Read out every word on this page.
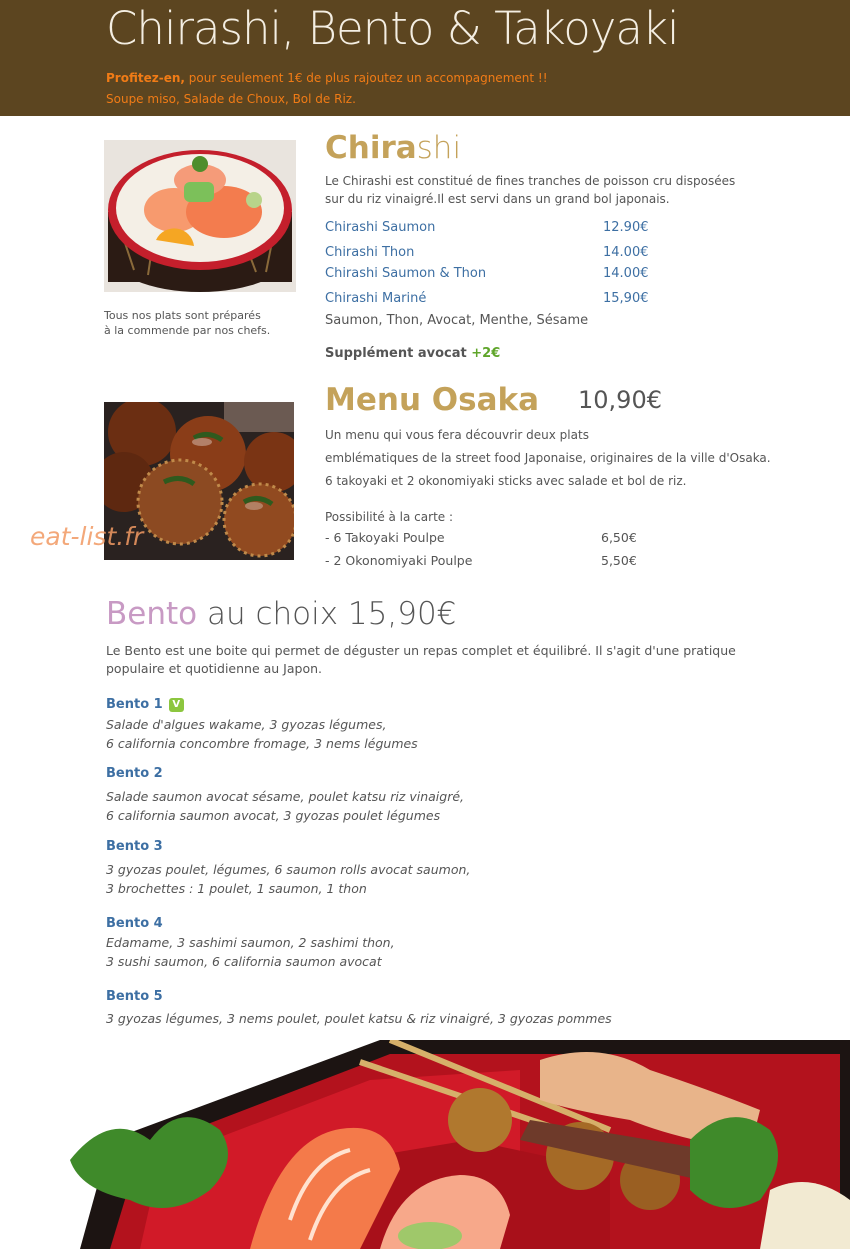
Chirashi, Bento & Takoyaki
Profitez-en, pour seulement 1€ de plus rajoutez un accompagnement !!
Soupe miso, Salade de Choux, Bol de Riz.
Tous nos plats sont préparés
à la commende par nos chefs.
Chirashi
Le Chirashi est constitué de fines tranches de poisson cru disposées
sur du riz vinaigré.Il est servi dans un grand bol japonais.
Chirashi Saumon	12.90€
Chirashi Thon	14.00€
Chirashi Saumon & Thon	14.00€
Chirashi Mariné	15,90€
Saumon, Thon, Avocat, Menthe, Sésame
Supplément avocat +2€
Menu Osaka 10,90€
Un menu qui vous fera découvrir deux plats
emblématiques de la street food Japonaise, originaires de la ville d'Osaka.
6 takoyaki et 2 okonomiyaki sticks avec salade et bol de riz.
Possibilité à la carte :
- 6 Takoyaki Poulpe	6,50€
- 2 Okonomiyaki Poulpe	5,50€
eat-list.fr
Bento au choix 15,90€
Le Bento est une boite qui permet de déguster un repas complet et équilibré. Il s'agit d'une pratique
populaire et quotidienne au Japon.
Bento 1 V
Salade d'algues wakame, 3 gyozas légumes,
6 california concombre fromage, 3 nems légumes
Bento 2
Salade saumon avocat sésame, poulet katsu riz vinaigré,
6 california saumon avocat, 3 gyozas poulet légumes
Bento 3
3 gyozas poulet, légumes, 6 saumon rolls avocat saumon,
3 brochettes : 1 poulet, 1 saumon, 1 thon
Bento 4
Edamame, 3 sashimi saumon, 2 sashimi thon,
3 sushi saumon, 6 california saumon avocat
Bento 5
3 gyozas légumes, 3 nems poulet, poulet katsu & riz vinaigré, 3 gyozas pommes
